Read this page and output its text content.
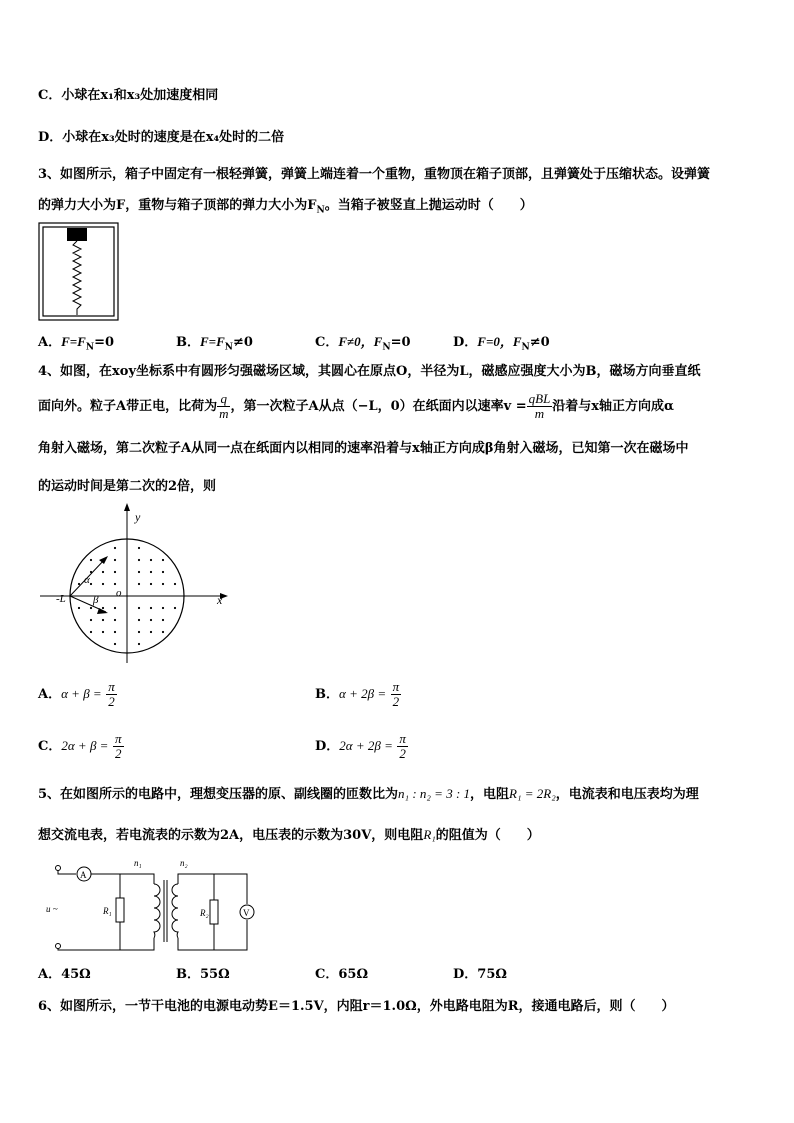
C．小球在x₁和x₃处加速度相同
D．小球在x₃处时的速度是在x₄处时的二倍
3、如图所示，箱子中固定有一根轻弹簧，弹簧上端连着一个重物，重物顶在箱子顶部，且弹簧处于压缩状态。设弹簧
的弹力大小为F，重物与箱子顶部的弹力大小为$F_N$。当箱子被竖直上抛运动时（　　）
A．$F=F_N=0$	B．$F=F_N\ne 0$	C．F≠0，$F_N=0$	D．F=0，$F_N\ne 0$
4、如图，在xoy坐标系中有圆形匀强磁场区域，其圆心在原点O，半径为L，磁感应强度大小为B，磁场方向垂直纸
面向外。粒子A带正电，比荷为 $\frac{q}{m}$ ，第一次粒子A从点（−L，0）在纸面内以速率$v = \frac{\text{qBL}}{m}$ 沿着与x轴正方向成α
角射入磁场，第二次粒子A从同一点在纸面内以相同的速率沿着与x轴正方向成β角射入磁场，已知第一次在磁场中
的运动时间是第二次的2倍，则
y
x
o
-L
α
β
A．$\alpha + \beta = \frac{\pi}{2}$	B．$\alpha + 2\beta = \frac{\pi}{2}$
C．$2\alpha + \beta = \frac{\pi}{2}$	D．$2\alpha + 2\beta = \frac{\pi}{2}$
5、在如图所示的电路中，理想变压器的原、副线圈的匝数比为n₁ : n₂ = 3 : 1，电阻R₁ = 2R₂，电流表和电压表均为理
想交流电表，若电流表的示数为2A，电压表的示数为30V，则电阻R₁的阻值为（　　）
A
V
n₁	n₂
R₁	R₂
u ~
A．45Ω	B．55Ω	C．65Ω	D．75Ω
6、如图所示，一节干电池的电源电动势E＝1.5V，内阻r＝1.0Ω，外电路电阻为R，接通电路后，则（　　）
